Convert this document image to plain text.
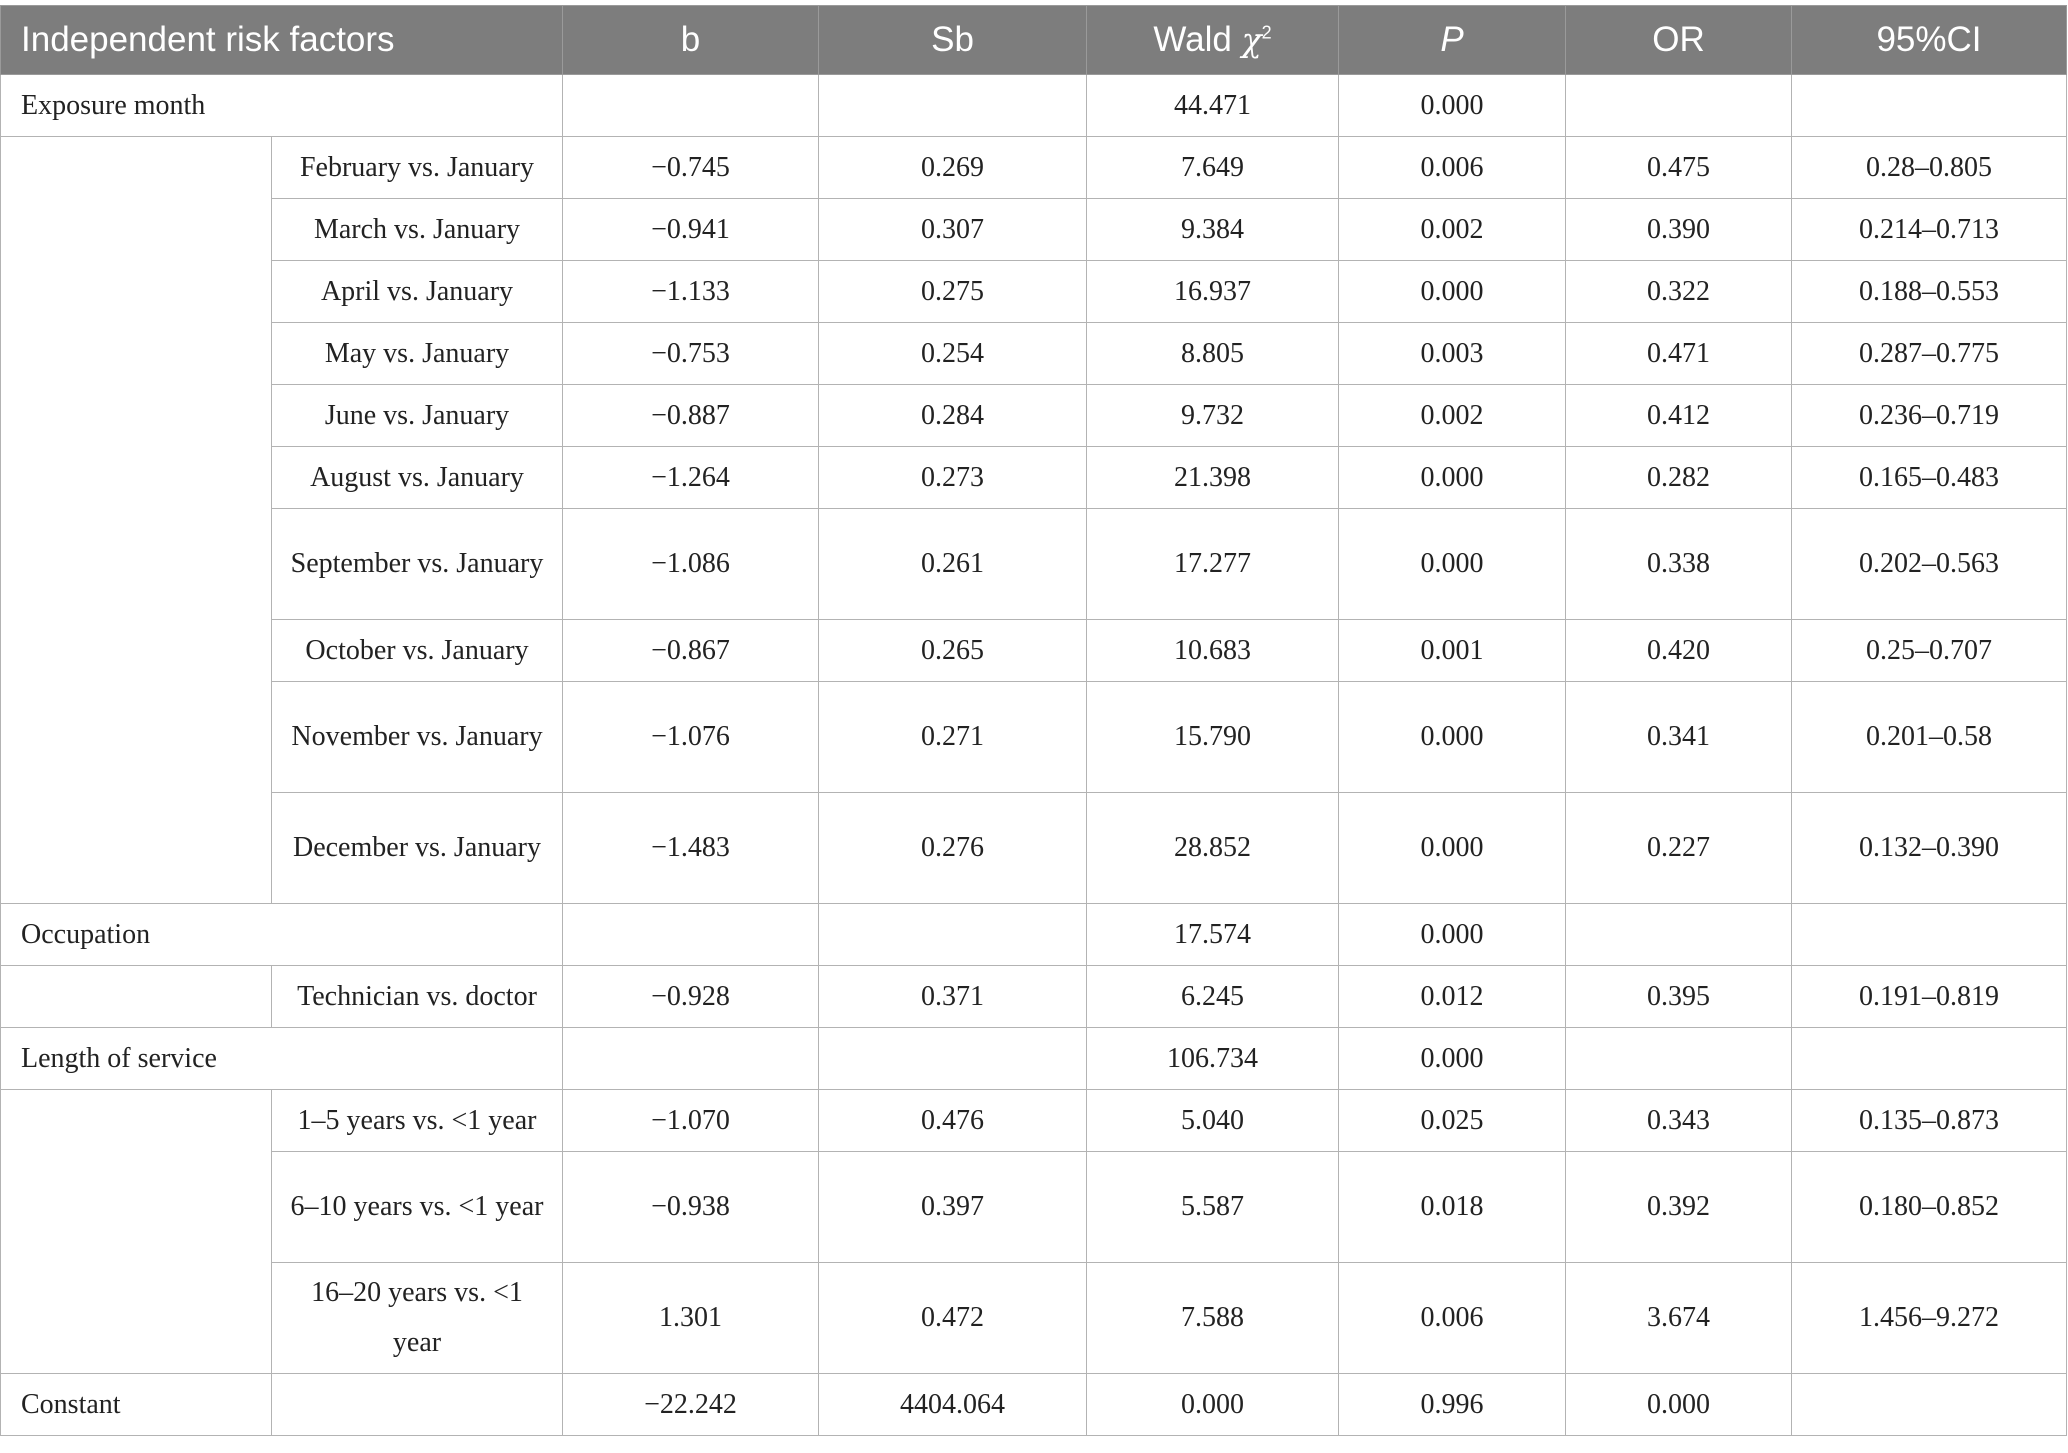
Independent risk factors		b	Sb	Wald $\chi^2$	P	OR	95%CI
Exposure month				44.471	0.000		
	February vs. January	−0.745	0.269	7.649	0.006	0.475	0.28–0.805
	March vs. January	−0.941	0.307	9.384	0.002	0.390	0.214–0.713
	April vs. January	−1.133	0.275	16.937	0.000	0.322	0.188–0.553
	May vs. January	−0.753	0.254	8.805	0.003	0.471	0.287–0.775
	June vs. January	−0.887	0.284	9.732	0.002	0.412	0.236–0.719
	August vs. January	−1.264	0.273	21.398	0.000	0.282	0.165–0.483
	September vs. January	−1.086	0.261	17.277	0.000	0.338	0.202–0.563
	October vs. January	−0.867	0.265	10.683	0.001	0.420	0.25–0.707
	November vs. January	−1.076	0.271	15.790	0.000	0.341	0.201–0.58
	December vs. January	−1.483	0.276	28.852	0.000	0.227	0.132–0.390
Occupation				17.574	0.000		
	Technician vs. doctor	−0.928	0.371	6.245	0.012	0.395	0.191–0.819
Length of service				106.734	0.000		
	1–5 years vs. <1 year	−1.070	0.476	5.040	0.025	0.343	0.135–0.873
	6–10 years vs. <1 year	−0.938	0.397	5.587	0.018	0.392	0.180–0.852
	16–20 years vs. <1 year	1.301	0.472	7.588	0.006	3.674	1.456–9.272
Constant		−22.242	4404.064	0.000	0.996	0.000	
